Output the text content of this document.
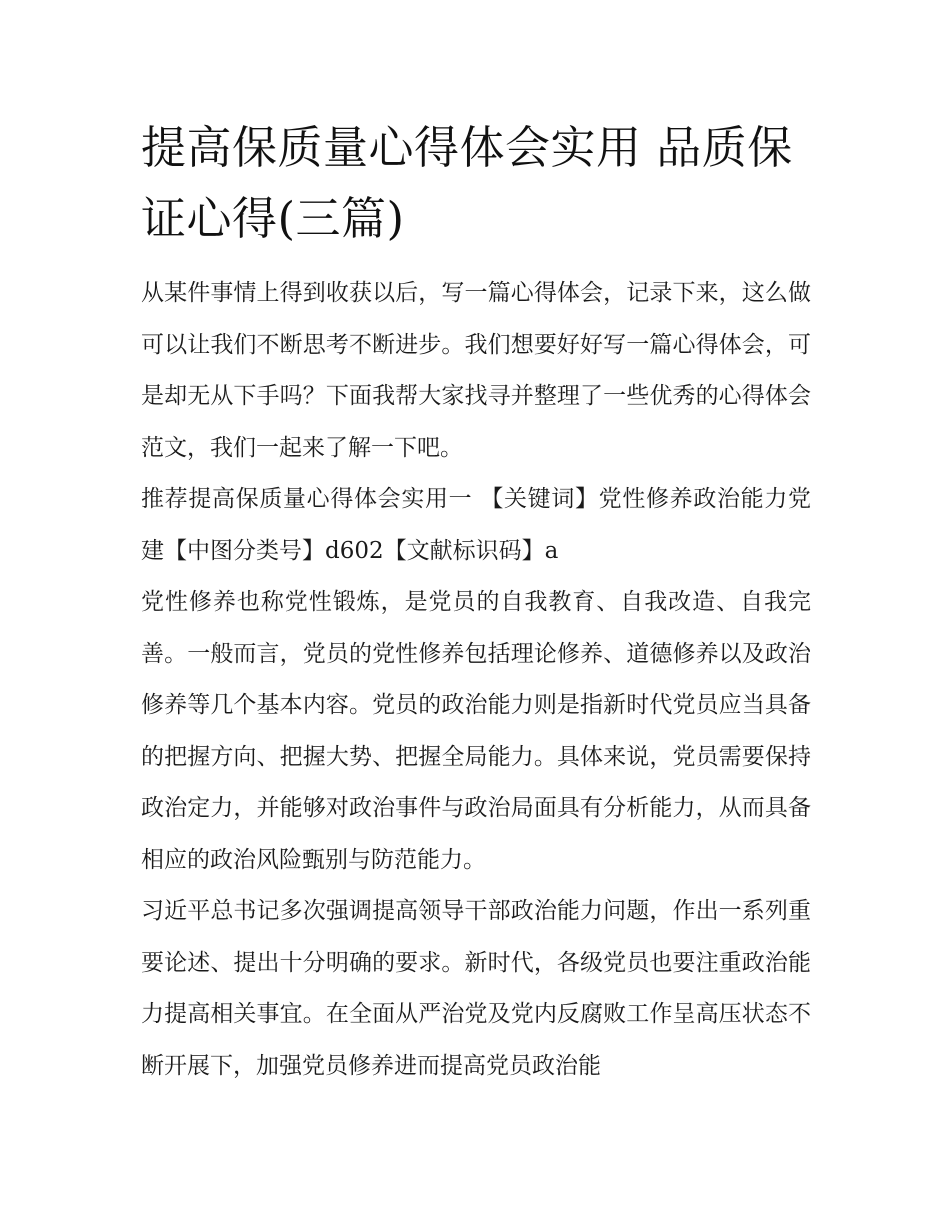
提高保质量心得体会实用 品质保证心得(三篇)

从某件事情上得到收获以后，写一篇心得体会，记录下来，这么做可以让我们不断思考不断进步。我们想要好好写一篇心得体会，可是却无从下手吗？下面我帮大家找寻并整理了一些优秀的心得体会范文，我们一起来了解一下吧。

推荐提高保质量心得体会实用一 【关键词】党性修养政治能力党建【中图分类号】d602【文献标识码】a

党性修养也称党性锻炼，是党员的自我教育、自我改造、自我完善。一般而言，党员的党性修养包括理论修养、道德修养以及政治修养等几个基本内容。党员的政治能力则是指新时代党员应当具备的把握方向、把握大势、把握全局能力。具体来说，党员需要保持政治定力，并能够对政治事件与政治局面具有分析能力，从而具备相应的政治风险甄别与防范能力。

习近平总书记多次强调提高领导干部政治能力问题，作出一系列重要论述、提出十分明确的要求。新时代，各级党员也要注重政治能力提高相关事宜。在全面从严治党及党内反腐败工作呈高压状态不断开展下，加强党员修养进而提高党员政治能
